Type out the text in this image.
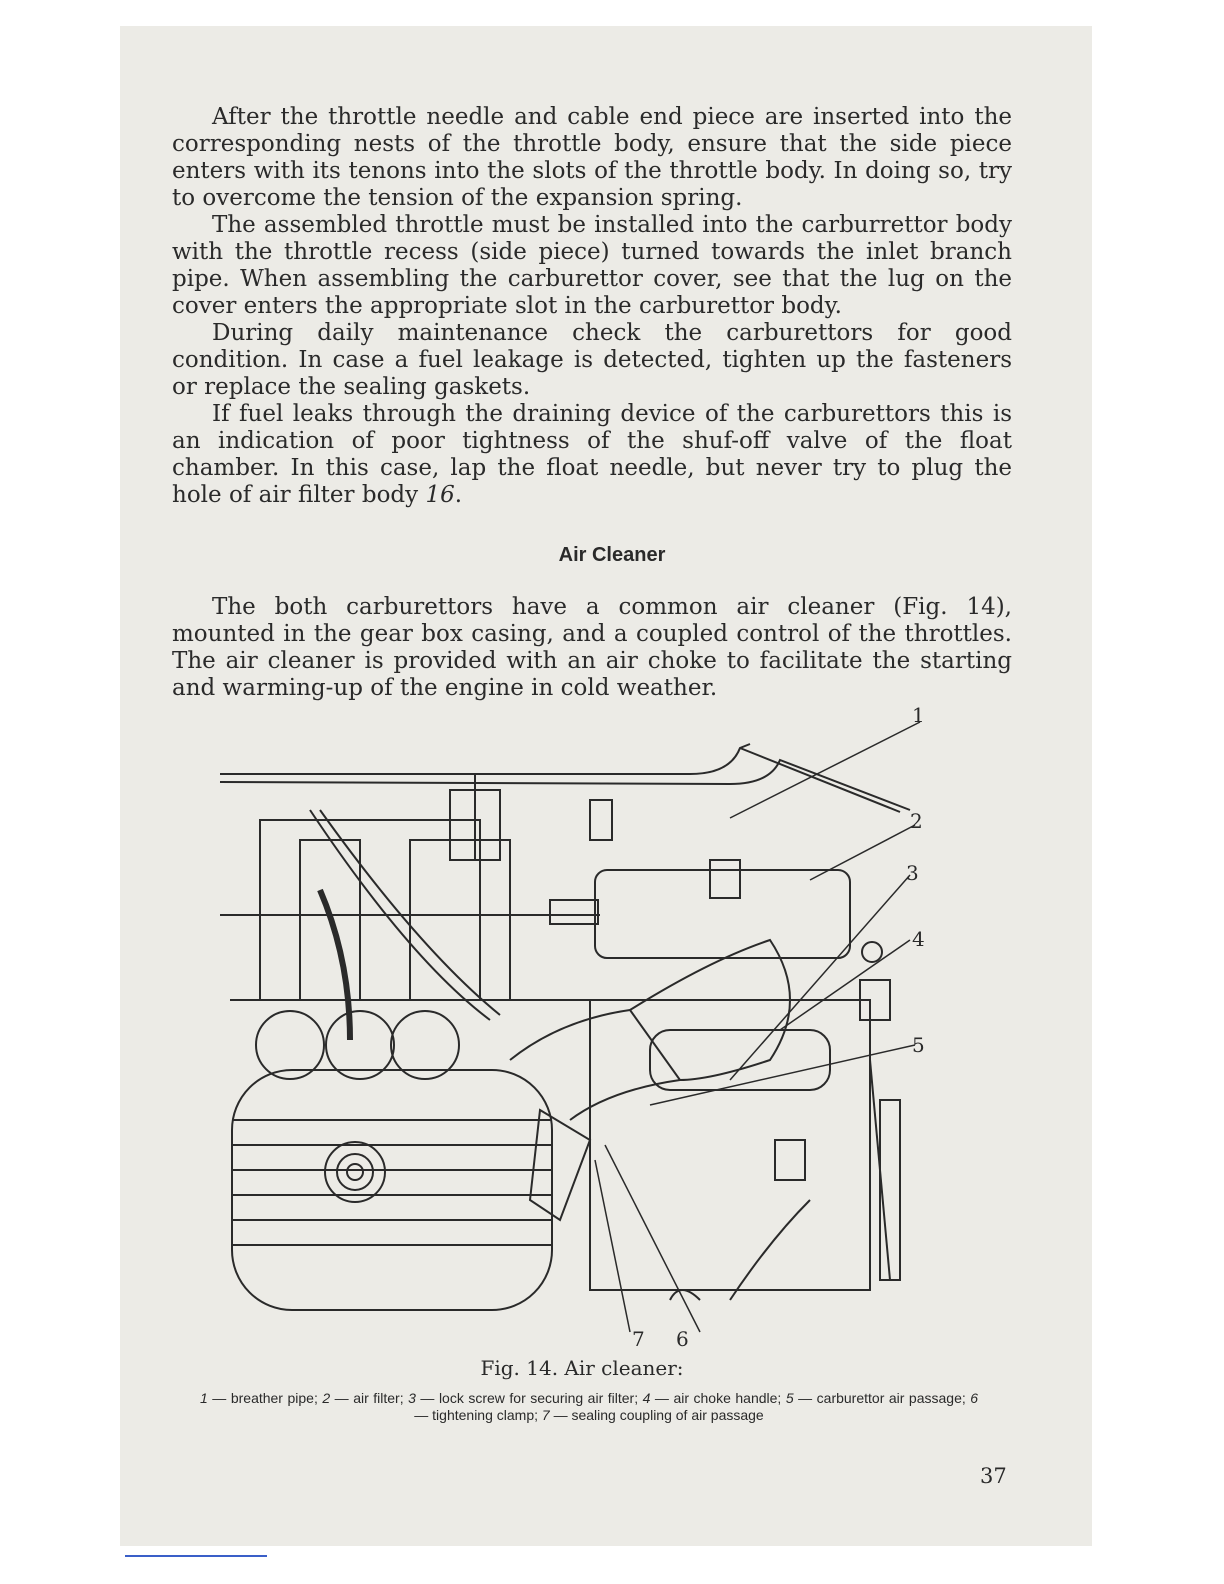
After the throttle needle and cable end piece are inserted into the corresponding nests of the throttle body, ensure that the side piece enters with its tenons into the slots of the throttle body. In doing so, try to overcome the tension of the expansion spring.

The assembled throttle must be installed into the carburrettor body with the throttle recess (side piece) turned towards the inlet branch pipe. When assembling the carburettor cover, see that the lug on the cover enters the appropriate slot in the carburettor body.

During daily maintenance check the carburettors for good condition. In case a fuel leakage is detected, tighten up the fasteners or replace the sealing gaskets.

If fuel leaks through the draining device of the carburettors this is an indication of poor tightness of the shuf-off valve of the float chamber. In this case, lap the float needle, but never try to plug the hole of air filter body 16.

Air Cleaner

The both carburettors have a common air cleaner (Fig. 14), mounted in the gear box casing, and a coupled control of the throttles. The air cleaner is provided with an air choke to facilitate the starting and warming-up of the engine in cold weather.

1
2
3
4
5
7 6
Fig. 14. Air cleaner:
1 — breather pipe; 2 — air filter; 3 — lock screw for securing air filter; 4 — air choke handle; 5 — carburettor air passage; 6 — tightening clamp; 7 — sealing coupling of air passage
37
